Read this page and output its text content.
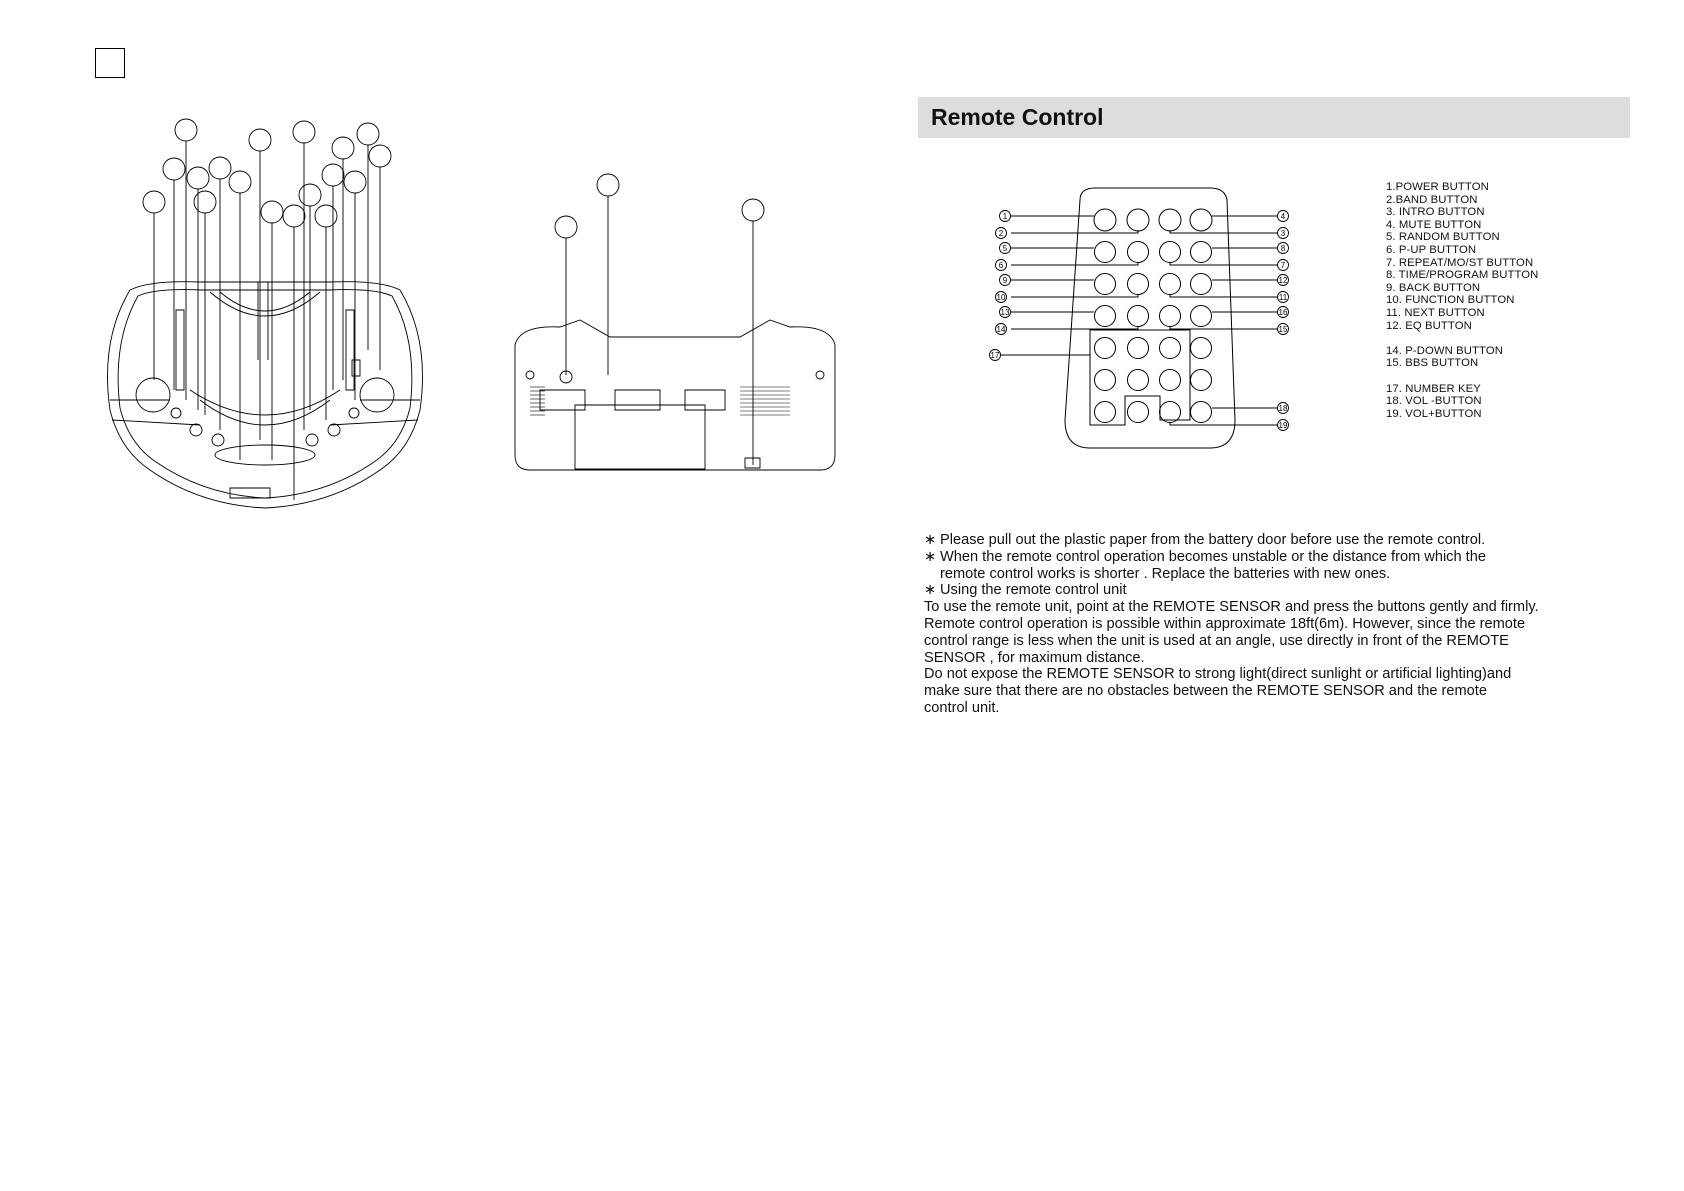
Remote Control
1
2
5
6
9
10
13
14
17
4
3
8
7
12
11
16
15
18
19
1.POWER BUTTON
2.BAND BUTTON
3. INTRO BUTTON
4. MUTE BUTTON
5. RANDOM BUTTON
6. P-UP BUTTON
7. REPEAT/MO/ST BUTTON
8. TIME/PROGRAM BUTTON
9. BACK BUTTON
10. FUNCTION BUTTON
11. NEXT BUTTON
12. EQ BUTTON
14. P-DOWN BUTTON
15. BBS BUTTON
17. NUMBER KEY
18. VOL -BUTTON
19. VOL+BUTTON

∗ Please pull out the plastic paper from the battery door before use the remote control.

∗ When the remote control operation becomes unstable or the distance from which the

remote control works is shorter . Replace the batteries with new ones.

∗ Using the remote control unit

To use the remote unit, point at the REMOTE SENSOR and press the buttons gently and firmly.

Remote control operation is possible within approximate 18ft(6m). However, since the remote

control range is less when the unit is used at an angle, use directly in front of the REMOTE

SENSOR , for maximum distance.

Do not expose the REMOTE SENSOR to strong light(direct sunlight or artificial lighting)and

make sure that there are no obstacles between the REMOTE SENSOR and the remote

control unit.
